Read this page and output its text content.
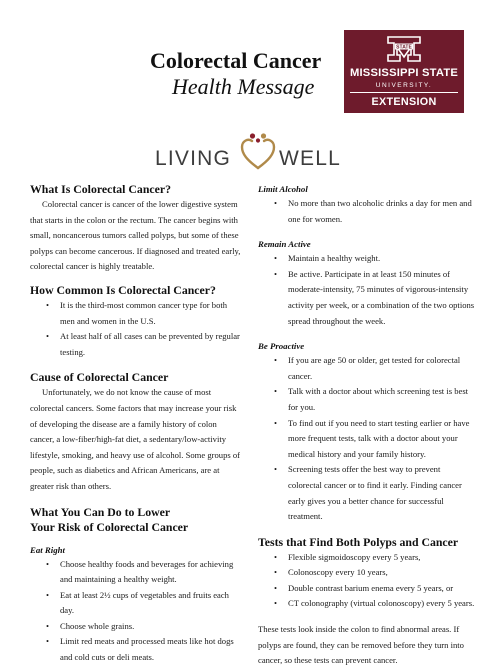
Colorectal Cancer
Health Message
STATE
MISSISSIPPI STATE
UNIVERSITY.
EXTENSION
LIVING WELL
What Is Colorectal Cancer?

Colorectal cancer is cancer of the lower digestive system that starts in the colon or the rectum. The cancer begins with small, noncancerous tumors called polyps, but some of these polyps can become cancerous. If diagnosed and treated early, colorectal cancer is highly treatable.

How Common Is Colorectal Cancer?
• It is the third-most common cancer type for both men and women in the U.S.
• At least half of all cases can be prevented by regular testing.
Cause of Colorectal Cancer

Unfortunately, we do not know the cause of most colorectal cancers. Some factors that may increase your risk of developing the disease are a family history of colon cancer, a low-fiber/high-fat diet, a sedentary/low-activity lifestyle, smoking, and heavy use of alcohol. Some groups of people, such as diabetics and African Americans, are at greater risk than others.

What You Can Do to Lower
Your Risk of Colorectal Cancer
Eat Right
• Choose healthy foods and beverages for achieving and maintaining a healthy weight.
• Eat at least 2½ cups of vegetables and fruits each day.
• Choose whole grains.
• Limit red meats and processed meats like hot dogs and cold cuts or deli meats.
Limit Alcohol
• No more than two alcoholic drinks a day for men and one for women.
Remain Active
• Maintain a healthy weight.
• Be active. Participate in at least 150 minutes of moderate-intensity, 75 minutes of vigorous-intensity activity per week, or a combination of the two options spread throughout the week.
Be Proactive
• If you are age 50 or older, get tested for colorectal cancer.
• Talk with a doctor about which screening test is best for you.
• To find out if you need to start testing earlier or have more frequent tests, talk with a doctor about your medical history and your family history.
• Screening tests offer the best way to prevent colorectal cancer or to find it early. Finding cancer early gives you a better chance for successful treatment.
Tests that Find Both Polyps and Cancer
• Flexible sigmoidoscopy every 5 years,
• Colonoscopy every 10 years,
• Double contrast barium enema every 5 years, or
• CT colonography (virtual colonoscopy) every 5 years.

These tests look inside the colon to find abnormal areas. If polyps are found, they can be removed before they turn into cancer, so these tests can prevent cancer.
